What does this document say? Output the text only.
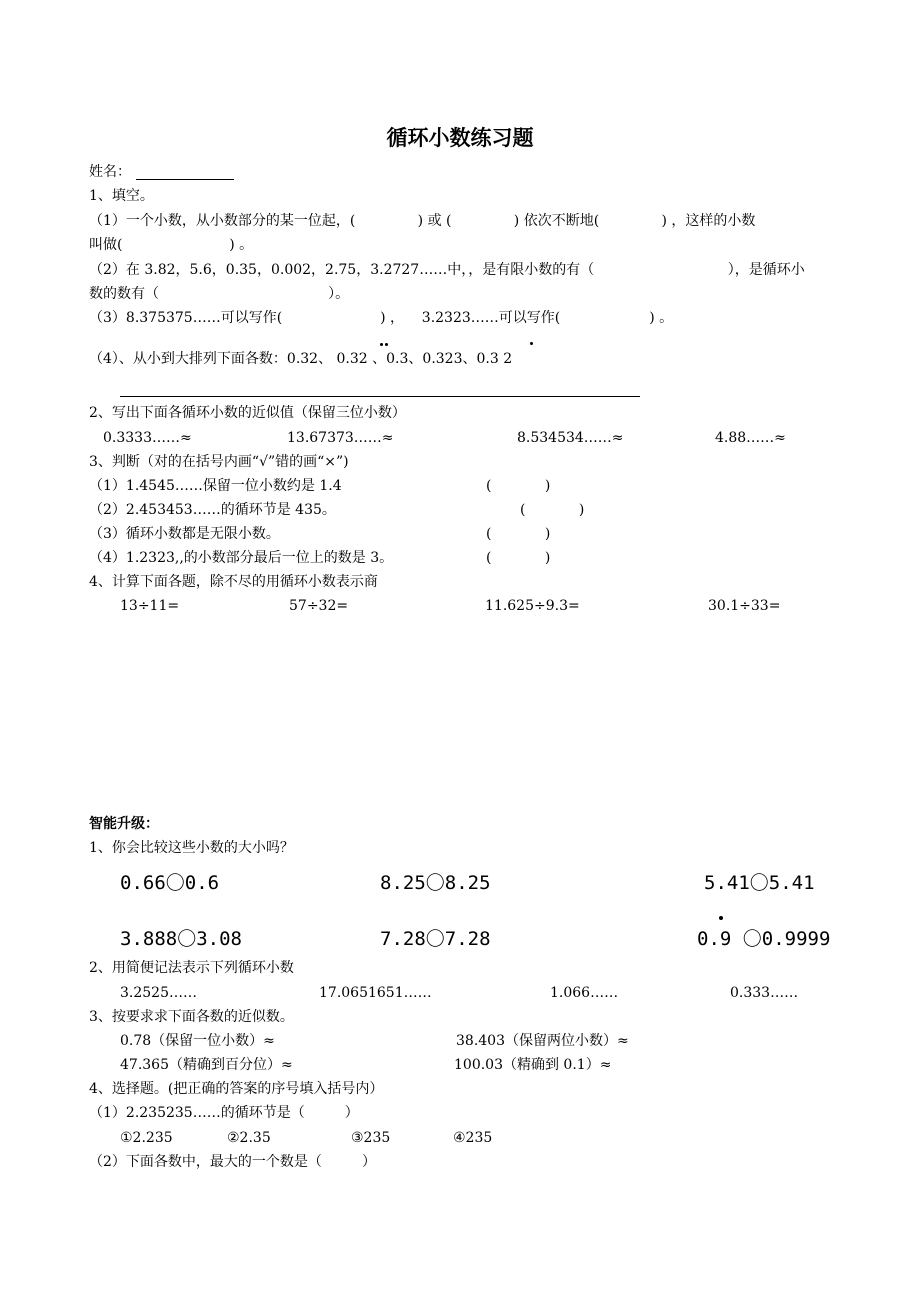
循环小数练习题
姓名：
1、填空。
（1）一个小数，从小数部分的某一位起，(              ) 或 (              ) 依次不断地(              ) ，这样的小数
叫做(                        ) 。
（2）在 3.82，5.6，0.35，0.002，2.75，3.2727……中，，是有限小数的有（                              ），是循环小
数的数有（                                      ）。
（3）8.375375……可以写作(                      ) ，    3.2323……可以写作(                    ) 。
（4）、从小到大排列下面各数：0.32、 0.32 、0.3、0.323、0.3 2
2、写出下面各循环小数的近似值（保留三位小数）
0.3333……≈	13.67373……≈	8.534534……≈	4.88……≈
3、判断（对的在括号内画“√”错的画“×”)
（1）1.4545……保留一位小数约是 1.4	(            )
（2）2.453453……的循环节是 435。	(            )
（3）循环小数都是无限小数。	(            )
（4）1.2323,,的小数部分最后一位上的数是 3。	(            )
4、计算下面各题，除不尽的用循环小数表示商
13÷11=	57÷32=	11.625÷9.3=	30.1÷33=
智能升级：
1、你会比较这些小数的大小吗？
0.66〇0.6	8.25〇8.25	5.41〇5.41
3.888〇3.08	7.28〇7.28	0.9 〇0.9999
2、用简便记法表示下列循环小数
3.2525……	17.0651651……	1.066……	0.333……
3、按要求求下面各数的近似数。
0.78（保留一位小数）≈	38.403（保留两位小数）≈
47.365（精确到百分位）≈	100.03（精确到 0.1）≈
4、选择题。(把正确的答案的序号填入括号内）
（1）2.235235……的循环节是（         ）
①2.235	②2.35	③235	④235
（2）下面各数中，最大的一个数是（         ）
